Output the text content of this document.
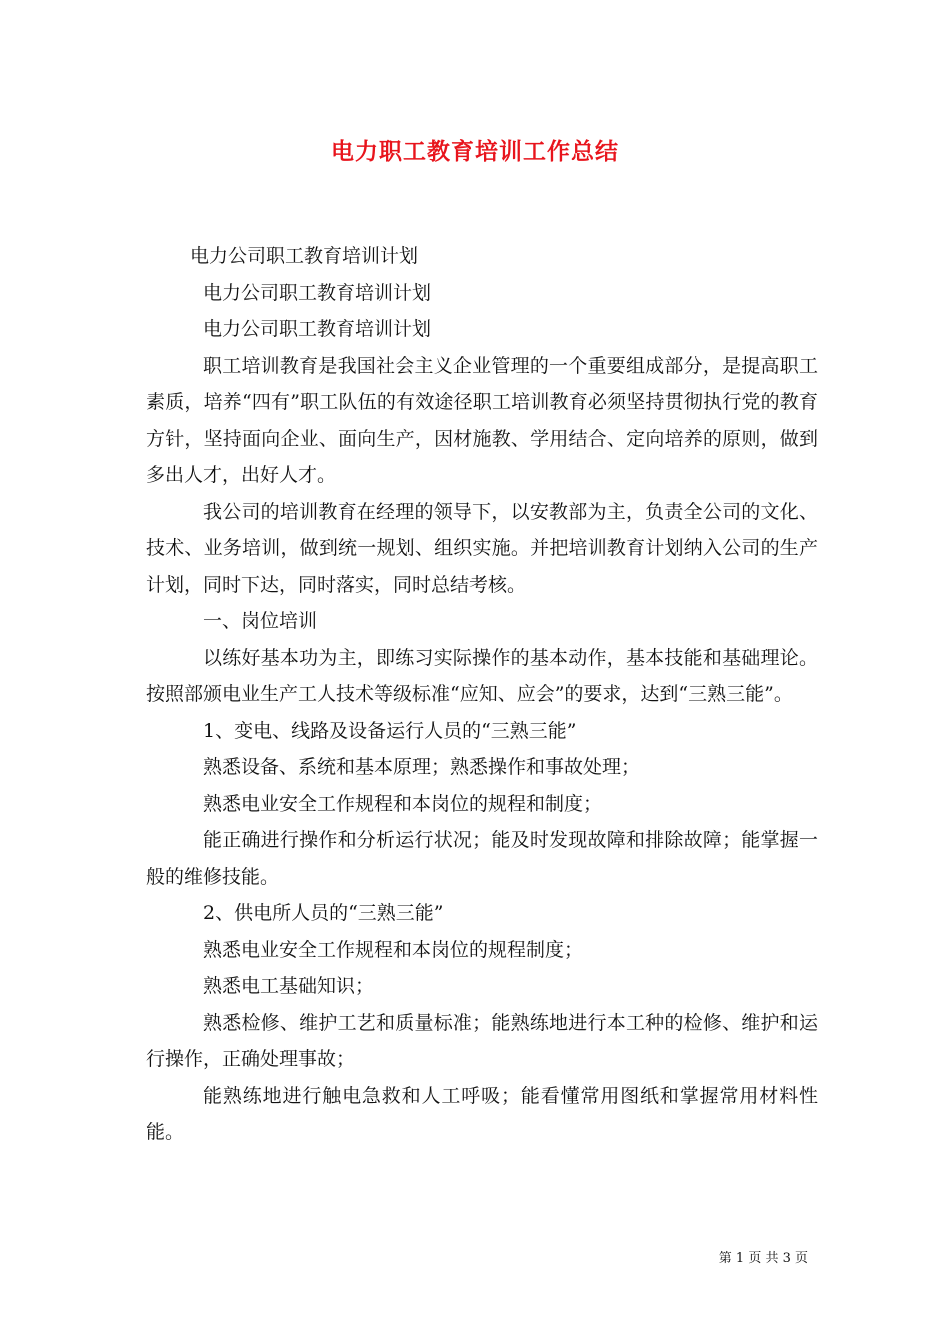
电力职工教育培训工作总结

电力公司职工教育培训计划

电力公司职工教育培训计划

电力公司职工教育培训计划

职工培训教育是我国社会主义企业管理的一个重要组成部分，是提高职工素质，培养“四有”职工队伍的有效途径职工培训教育必须坚持贯彻执行党的教育方针，坚持面向企业、面向生产，因材施教、学用结合、定向培养的原则，做到多出人才，出好人才。

我公司的培训教育在经理的领导下，以安教部为主，负责全公司的文化、技术、业务培训，做到统一规划、组织实施。并把培训教育计划纳入公司的生产计划，同时下达，同时落实，同时总结考核。

一、岗位培训

以练好基本功为主，即练习实际操作的基本动作，基本技能和基础理论。按照部颁电业生产工人技术等级标准“应知、应会”的要求，达到“三熟三能”。

1、变电、线路及设备运行人员的“三熟三能”

熟悉设备、系统和基本原理；熟悉操作和事故处理；

熟悉电业安全工作规程和本岗位的规程和制度；

能正确进行操作和分析运行状况；能及时发现故障和排除故障；能掌握一般的维修技能。

2、供电所人员的“三熟三能”

熟悉电业安全工作规程和本岗位的规程制度；

熟悉电工基础知识；

熟悉检修、维护工艺和质量标准；能熟练地进行本工种的检修、维护和运行操作，正确处理事故；

能熟练地进行触电急救和人工呼吸；能看懂常用图纸和掌握常用材料性能。

第 1 页 共 3 页
